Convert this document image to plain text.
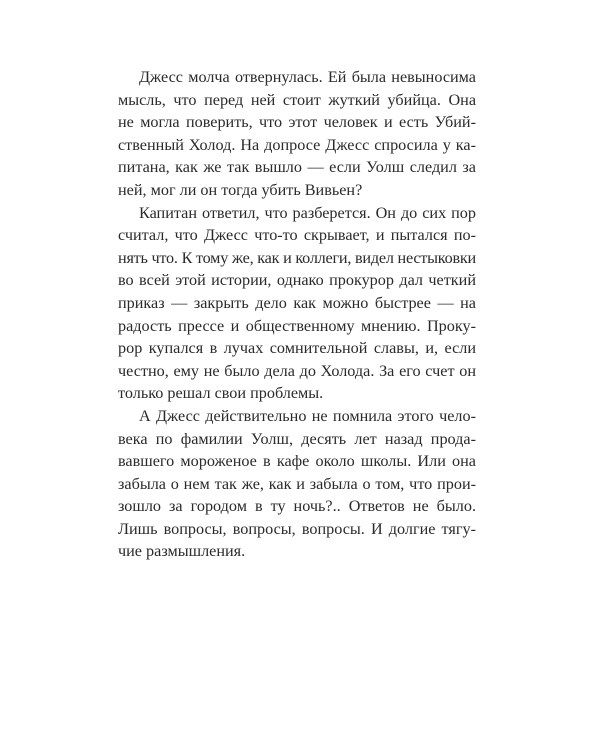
Джесс молча отвернулась. Ей была невыносима
мысль, что перед ней стоит жуткий убийца. Она
не могла поверить, что этот человек и есть Убий-
ственный Холод. На допросе Джесс спросила у ка-
питана, как же так вышло — если Уолш следил за
ней, мог ли он тогда убить Вивьен?

Капитан ответил, что разберется. Он до сих пор
считал, что Джесс что-то скрывает, и пытался по-
нять что. К тому же, как и коллеги, видел нестыковки
во всей этой истории, однако прокурор дал четкий
приказ — закрыть дело как можно быстрее — на
радость прессе и общественному мнению. Проку-
рор купался в лучах сомнительной славы, и, если
честно, ему не было дела до Холода. За его счет он
только решал свои проблемы.

А Джесс действительно не помнила этого чело-
века по фамилии Уолш, десять лет назад прода-
вавшего мороженое в кафе около школы. Или она
забыла о нем так же, как и забыла о том, что прои-
зошло за городом в ту ночь?.. Ответов не было.
Лишь вопросы, вопросы, вопросы. И долгие тягу-
чие размышления.
